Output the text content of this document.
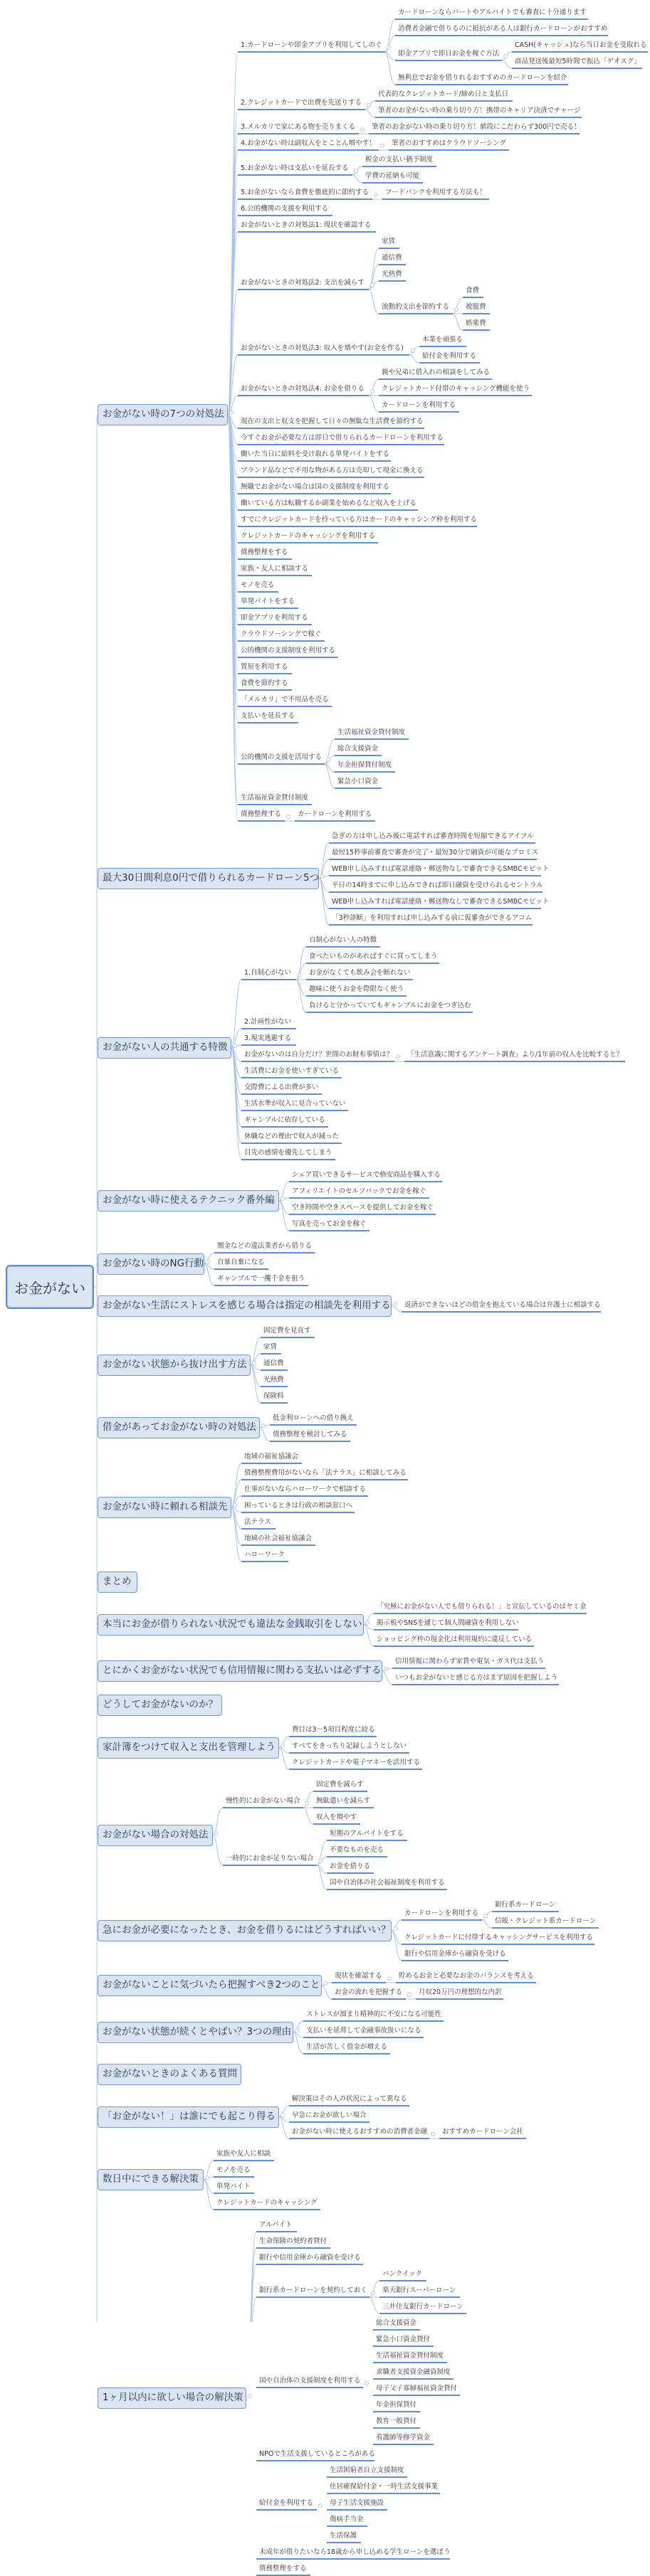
お金がない時の7つの対処法
1.カードローンや即金アプリを利用してしのぐ
カードローンならパートやアルバイトでも審査に十分通ります
消費者金融で借りるのに抵抗がある人は銀行カードローンがおすすめ
即金アプリで即日お金を稼ぐ方法
CASH(キャッシュ)なら当日お金を受取れる
商品発送後最短5時間で振込「ゲオスグ」
無利息でお金を借りれるおすすめのカードローンを紹介
2.クレジットカードで出費を先送りする
代表的なクレジットカード/締め日と支払日
筆者のお金がない時の乗り切り方！携帯のキャリア決済でチャージ
3.メルカリで家にある物を売りまくる	筆者のお金がない時の乗り切り方！値段にこだわらず300円で売る！
4.お金がない時は副収入をとことん増やす！	筆者のおすすめはクラウドソーシング
5.お金がない時は支払いを延長する
税金の支払い猶予制度
学費の延納も可能
5.お金がないなら食費を徹底的に節約する	フードバンクを利用する方法も！
6.公的機関の支援を利用する
お金がないときの対処法1: 現状を確認する
お金がないときの対処法2: 支出を減らす
家賃
通信費
光熱費
流動的支出を節約する
食費
被服費
娯楽費
お金がないときの対処法3: 収入を増やす(お金を作る)
本業を頑張る
給付金を利用する
お金がないときの対処法4: お金を借りる
親や兄弟に借入れの相談をしてみる
クレジットカード付帯のキャッシング機能を使う
カードローンを利用する
現在の支出と収支を把握して日々の無駄な生活費を節約する
今すぐお金が必要な方は即日で借りられるカードローンを利用する
働いた当日に給料を受け取れる単発バイトをする
ブランド品などで不用な物がある方は売却して現金に換える
無職でお金がない場合は国の支援制度を利用する
働いている方は転職するか副業を始めるなど収入を上げる
すでにクレジットカードを持っている方はカードのキャッシング枠を利用する
クレジットカードのキャッシングを利用する
債務整理をする
家族・友人に相談する
モノを売る
単発バイトをする
即金アプリを利用する
クラウドソーシングで稼ぐ
公的機関の支援制度を利用する
質屋を利用する
食費を節約する
「メルカリ」で不用品を売る
支払いを延長する
公的機関の支援を活用する
生活福祉資金貸付制度
総合支援資金
年金担保貸付制度
緊急小口資金
生活福祉資金貸付制度
債務整理する	カードローンを利用する
最大30日間利息0円で借りられるカードローン5つ
急ぎの方は申し込み後に電話すれば審査時間を短縮できるアイフル
最短15秒事前審査で審査が完了・最短30分で融資が可能なプロミス
WEB申し込みすれば電話連絡・郵送物なしで審査できるSMBCモビット
平日の14時までに申し込みできれば即日融資を受けられるセントラル
WEB申し込みすれば電話連絡・郵送物なしで審査できるSMBCモビット
「3秒診断」を利用すれば申し込みする前に仮審査ができるアコム
お金がない人の共通する特徴
1.自制心がない
自制心がない人の特徴
食べたいものがあればすぐに買ってしまう
お金がなくても飲み会を断れない
趣味に使うお金を際限なく使う
負けると分かっていてもギャンブルにお金をつぎ込む
2.計画性がない
3.現実逃避する
お金がないのは自分だけ？世間のお財布事情は？	「生活意識に関するアンケート調査」より/1年前の収入を比較すると？
生活費にお金を使いすぎている
交際費による出費が多い
生活水準が収入に見合っていない
ギャンブルに依存している
休職などの理由で収入が減った
目先の感情を優先してしまう
お金がない時に使えるテクニック番外編
シェア買いできるサービスで格安商品を購入する
アフィリエイトのセルフバックでお金を稼ぐ
空き時間や空きスペースを提供してお金を稼ぐ
写真を売ってお金を稼ぐ
お金がない時のNG行動
闇金などの違法業者から借りる
自暴自棄になる
ギャンブルで一攫千金を狙う
お金がない生活にストレスを感じる場合は指定の相談先を利用する	返済ができないほどの借金を抱えている場合は弁護士に相談する
お金がない状態から抜け出す方法
固定費を見直す
家賃
通信費
光熱費
保険料
借金があってお金がない時の対処法
低金利ローンへの借り換え
債務整理を検討してみる
お金がない時に頼れる相談先
地域の福祉協議会
債務整理費用がないなら「法テラス」に相談してみる
仕事がないならハローワークで相談する
困っているときは行政の相談窓口へ
法テラス
地域の社会福祉協議会
ハローワーク
まとめ
本当にお金が借りられない状況でも違法な金銭取引をしない
「究極にお金がない人でも借りられる！」と宣伝しているのはヤミ金
掲示板やSNSを通じて個人間融資を利用しない
ショッピング枠の現金化は利用規約に違反している
とにかくお金がない状況でも信用情報に関わる支払いは必ずする
信用情報に関わらず家賃や電気・ガス代は支払う
いつもお金がないと感じる方はまず原因を把握しよう
どうしてお金がないのか？
家計簿をつけて収入と支出を管理しよう
費目は3〜5項目程度に絞る
すべてをきっちり記録しようとしない
クレジットカードや電子マネーを活用する
お金がない場合の対処法
慢性的にお金がない場合
固定費を減らす
無駄遣いを減らす
収入を増やす
一時的にお金が足りない場合
短期のアルバイトをする
不要なものを売る
お金を借りる
国や自治体の社会福祉制度を利用する
急にお金が必要になったとき、お金を借りるにはどうすればいい？
カードローンを利用する
銀行系カードローン
信販・クレジット系カードローン
クレジットカードに付帯するキャッシングサービスを利用する
銀行や信用金庫から融資を受ける
お金がないことに気づいたら把握すべき2つのこと
現状を確認する	貯めるお金と必要なお金のバランスを考える
お金の流れを把握する	月収20万円の理想的な内訳
お金がない状態が続くとやばい？3つの理由
ストレスが溜まり精神的に不安になる可能性
支払いを延滞して金融事故扱いになる
生活が苦しく借金が増える
お金がないときのよくある質問
「お金がない！」は誰にでも起こり得る
解決策はその人の状況によって異なる
早急にお金が欲しい場合
お金がない時に使えるおすすめの消費者金融	おすすめカードローン会社
数日中にできる解決策
家族や友人に相談
モノを売る
単発バイト
クレジットカードのキャッシング
1ヶ月以内に欲しい場合の解決策
アルバイト
生命保険の契約者貸付
銀行や信用金庫から融資を受ける
銀行系カードローンを契約しておく
バンクイック
楽天銀行スーパーローン
三井住友銀行カードローン
国や自治体の支援制度を利用する
総合支援資金
緊急小口資金貸付
生活福祉資金貸付制度
求職者支援資金融資制度
母子父子寡婦福祉資金貸付
年金担保貸付
教育一般貸付
看護師等修学資金
NPOで生活支援しているところがある
給付金を利用する
生活困窮者自立支援制度
住居確保給付金・一時生活支援事業
母子生活支援施設
傷病手当金
生活保護
未成年が借りたいなら18歳から申し込める学生ローンを選ぼう
債務整理をする
お金がない
